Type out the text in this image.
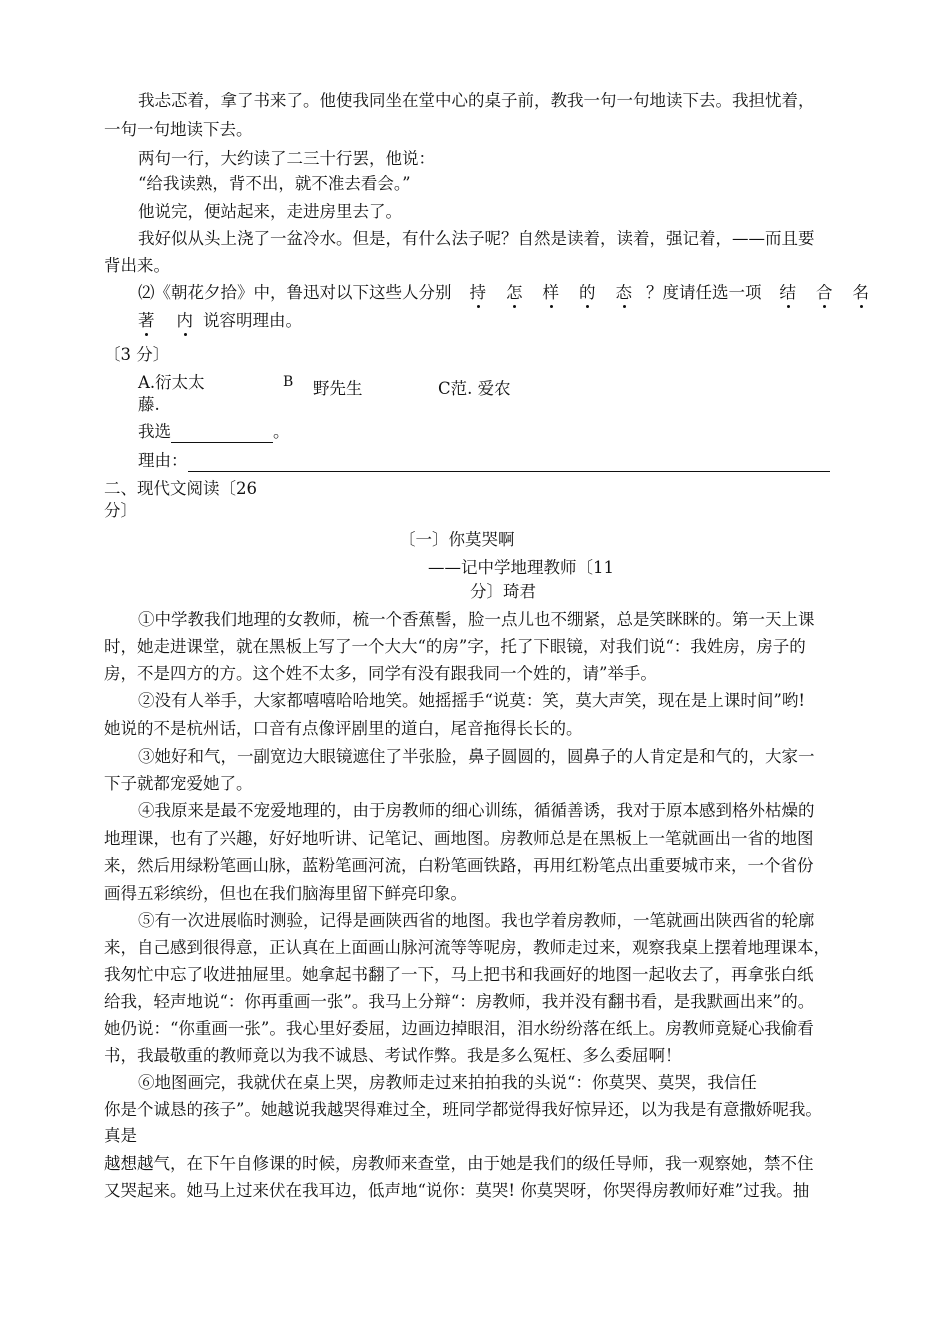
我忐忑着，拿了书来了。他使我同坐在堂中心的桌子前，教我一句一句地读下去。我担忧着，
一句一句地读下去。
两句一行，大约读了二三十行罢，他说：
“给我读熟，背不出，就不准去看会。”
他说完，便站起来，走进房里去了。
我好似从头上浇了一盆冷水。但是，有什么法子呢？自然是读着，读着，强记着，——而且要
背出来。
⑵《朝花夕拾》中，鲁迅对以下这些人分别 持 怎 样 的 态 ？度请任选一项 结 合 名
著 内 说容明理由。
〔3 分〕
A.衍太太
藤.
B 野先生	C范. 爱农
我选	。
理由：
二、现代文阅读〔26
分〕
〔一〕你莫哭啊
——记中学地理教师〔11
分〕琦君
①中学教我们地理的女教师，梳一个香蕉髻，脸一点儿也不绷紧，总是笑眯眯的。第一天上课
时，她走进课堂，就在黑板上写了一个大大“的房”字，托了下眼镜，对我们说“：我姓房，房子的
房，不是四方的方。这个姓不太多，同学有没有跟我同一个姓的，请”举手。
②没有人举手，大家都嘻嘻哈哈地笑。她摇摇手“说莫：笑，莫大声笑，现在是上课时间”哟!
她说的不是杭州话，口音有点像评剧里的道白，尾音拖得长长的。
③她好和气，一副宽边大眼镜遮住了半张脸，鼻子圆圆的，圆鼻子的人肯定是和气的，大家一
下子就都宠爱她了。
④我原来是最不宠爱地理的，由于房教师的细心训练，循循善诱，我对于原本感到格外枯燥的
地理课，也有了兴趣，好好地听讲、记笔记、画地图。房教师总是在黑板上一笔就画出一省的地图
来，然后用绿粉笔画山脉，蓝粉笔画河流，白粉笔画铁路，再用红粉笔点出重要城市来，一个省份
画得五彩缤纷，但也在我们脑海里留下鲜亮印象。
⑤有一次进展临时测验，记得是画陕西省的地图。我也学着房教师，一笔就画出陕西省的轮廓
来，自己感到很得意，正认真在上面画山脉河流等等呢房，教师走过来，观察我桌上摆着地理课本，
我匆忙中忘了收进抽屉里。她拿起书翻了一下，马上把书和我画好的地图一起收去了，再拿张白纸
给我，轻声地说“：你再重画一张”。我马上分辩“：房教师，我并没有翻书看，是我默画出来”的。
她仍说：“你重画一张”。我心里好委屈，边画边掉眼泪，泪水纷纷落在纸上。房教师竟疑心我偷看
书，我最敬重的教师竟以为我不诚恳、考试作弊。我是多么冤枉、多么委屈啊！
⑥地图画完，我就伏在桌上哭，房教师走过来拍拍我的头说“：你莫哭、莫哭，我信任
你是个诚恳的孩子”。她越说我越哭得难过全，班同学都觉得我好惊异还，以为我是有意撒娇呢我。
真是
越想越气，在下午自修课的时候，房教师来查堂，由于她是我们的级任导师，我一观察她，禁不住
又哭起来。她马上过来伏在我耳边，低声地“说你：莫哭! 你莫哭呀，你哭得房教师好难”过我。抽
